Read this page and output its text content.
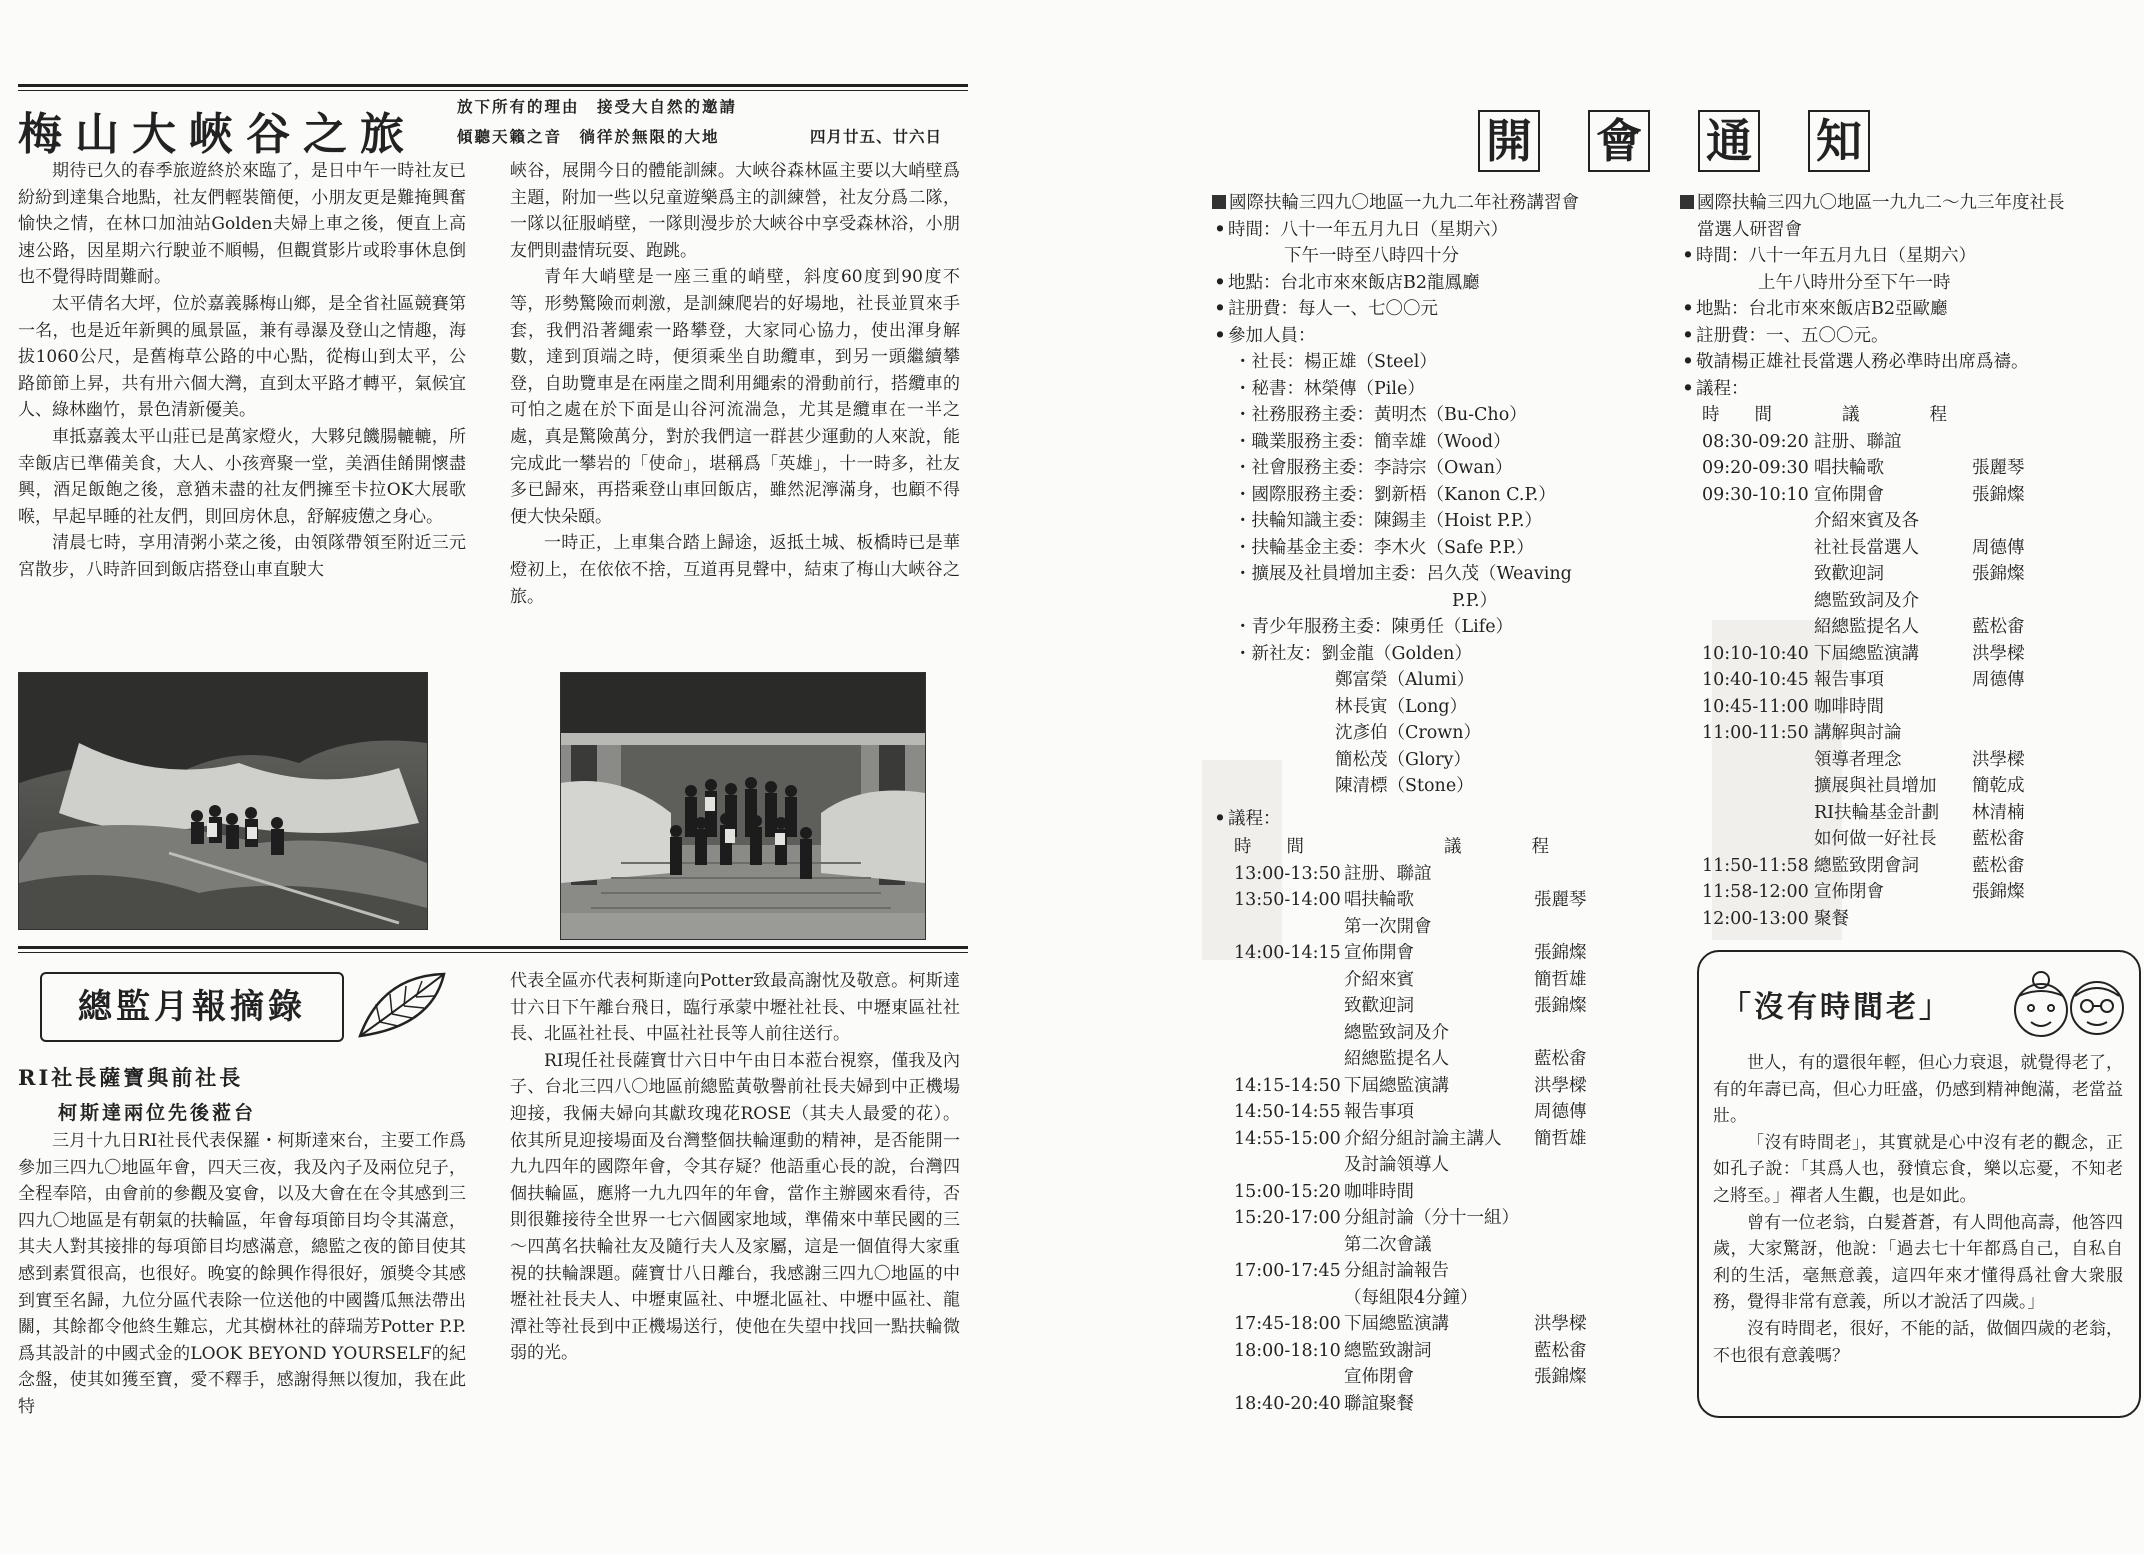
梅山大峽谷之旅
放下所有的理由　接受大自然的邀請
傾聽天籟之音　徜徉於無限的大地	四月廿五、廿六日

期待已久的春季旅遊終於來臨了，是日中午一時社友已紛紛到達集合地點，社友們輕裝簡便，小朋友更是難掩興奮愉快之情，在林口加油站Golden夫婦上車之後，便直上高速公路，因星期六行駛並不順暢，但觀賞影片或聆事休息倒也不覺得時間難耐。

太平倩名大坪，位於嘉義縣梅山鄉，是全省社區競賽第一名，也是近年新興的風景區，兼有尋瀑及登山之情趣，海拔1060公尺，是舊梅草公路的中心點，從梅山到太平，公路節節上昇，共有卅六個大灣，直到太平路才轉平，氣候宜人、綠林幽竹，景色清新優美。

車抵嘉義太平山莊已是萬家燈火，大夥兒饑腸轆轆，所幸飯店已準備美食，大人、小孩齊聚一堂，美酒佳餚開懷盡興，酒足飯飽之後，意猶未盡的社友們擁至卡拉OK大展歌喉，早起早睡的社友們，則回房休息，舒解疲憊之身心。

清晨七時，享用清粥小菜之後，由領隊帶領至附近三元宮散步，八時許回到飯店搭登山車直駛大

峽谷，展開今日的體能訓練。大峽谷森林區主要以大峭壁爲主題，附加一些以兒童遊樂爲主的訓練營，社友分爲二隊，一隊以征服峭壁，一隊則漫步於大峽谷中享受森林浴，小朋友們則盡情玩耍、跑跳。

青年大峭壁是一座三重的峭壁，斜度60度到90度不等，形勢驚險而刺激，是訓練爬岩的好場地，社長並買來手套，我們沿著繩索一路攀登，大家同心協力，使出渾身解數，達到頂端之時，便須乘坐自助纜車，到另一頭繼續攀登，自助覽車是在兩崖之間利用繩索的滑動前行，搭纜車的可怕之處在於下面是山谷河流湍急，尤其是纜車在一半之處，真是驚險萬分，對於我們這一群甚少運動的人來說，能完成此一攀岩的「使命」，堪稱爲「英雄」，十一時多，社友多已歸來，再搭乘登山車回飯店，雖然泥濘滿身，也顧不得便大快朵頤。

一時正，上車集合踏上歸途，返抵土城、板橋時已是華燈初上，在依依不捨，互道再見聲中，結束了梅山大峽谷之旅。

總監月報摘錄
RI社長薩寶與前社長
柯斯達兩位先後蒞台

三月十九日RI社長代表保羅・柯斯達來台，主要工作爲參加三四九〇地區年會，四天三夜，我及內子及兩位兒子，全程奉陪，由會前的參觀及宴會，以及大會在在令其感到三四九〇地區是有朝氣的扶輪區，年會每項節目均令其滿意，其夫人對其接排的每項節目均感滿意，總監之夜的節目使其感到素質很高，也很好。晚宴的餘興作得很好，頒獎令其感到實至名歸，九位分區代表除一位送他的中國醬瓜無法帶出關，其餘都令他終生難忘，尤其樹林社的薛瑞芳Potter P.P.爲其設計的中國式金的LOOK BEYOND YOURSELF的紀念盤，使其如獲至寶，愛不釋手，感謝得無以復加，我在此特

代表全區亦代表柯斯達向Potter致最高謝忱及敬意。柯斯達廿六日下午離台飛日，臨行承蒙中壢社社長、中壢東區社社長、北區社社長、中區社社長等人前往送行。

RI現任社長薩寶廿六日中午由日本蒞台視察，僅我及內子、台北三四八〇地區前總監黃敬譽前社長夫婦到中正機場迎接，我倆夫婦向其獻玫瑰花ROSE（其夫人最愛的花）。依其所見迎接場面及台灣整個扶輪運動的精神，是否能開一九九四年的國際年會，令其存疑？他語重心長的說，台灣四個扶輪區，應將一九九四年的年會，當作主辦國來看待，否則很難接待全世界一七六個國家地域，準備來中華民國的三～四萬名扶輪社友及隨行夫人及家屬，這是一個值得大家重視的扶輪課題。薩寶廿八日離台，我感謝三四九〇地區的中壢社社長夫人、中壢東區社、中壢北區社、中壢中區社、龍潭社等社長到中正機場送行，使他在失望中找回一點扶輪微弱的光。

開 會 通 知
國際扶輪三四九〇地區一九九二年社務講習會
• 時間：八十一年五月九日（星期六）
下午一時至八時四十分
• 地點：台北市來來飯店B2龍鳳廳
• 註册費：每人一、七〇〇元
• 參加人員：
・社長：楊正雄（Steel）
・秘書：林榮傳（Pile）
・社務服務主委：黃明杰（Bu-Cho）
・職業服務主委：簡幸雄（Wood）
・社會服務主委：李詩宗（Owan）
・國際服務主委：劉新梧（Kanon C.P.）
・扶輪知識主委：陳錫圭（Hoist P.P.）
・扶輪基金主委：李木火（Safe P.P.）
・擴展及社員增加主委：呂久茂（Weaving
P.P.）
・青少年服務主委：陳勇任（Life）
・新社友：劉金龍（Golden）
鄭富榮（Alumi）
林長寅（Long）
沈彥伯（Crown）
簡松茂（Glory）
陳清標（Stone）
• 議程：
時　　間	議　　　　程
13:00-13:50 註册、聯誼
13:50-14:00 唱扶輪歌	張麗琴
第一次開會
14:00-14:15 宣佈開會	張錦燦
介紹來賓	簡哲雄
致歡迎詞	張錦燦
總監致詞及介
紹總監提名人	藍松畬
14:15-14:50 下屆總監演講	洪學樑
14:50-14:55 報告事項	周德傳
14:55-15:00 介紹分組討論主講人 簡哲雄
及討論領導人
15:00-15:20 咖啡時間
15:20-17:00 分組討論（分十一組）
第二次會議
17:00-17:45 分組討論報告
（每組限4分鐘）
17:45-18:00 下屆總監演講	洪學樑
18:00-18:10 總監致謝詞	藍松畬
宣佈閉會	張錦燦
18:40-20:40 聯誼聚餐
國際扶輪三四九〇地區一九九二～九三年度社長
當選人研習會
• 時間：八十一年五月九日（星期六）
上午八時卅分至下午一時
• 地點：台北市來來飯店B2亞歐廳
• 註册費：一、五〇〇元。
• 敬請楊正雄社長當選人務必準時出席爲禱。
• 議程：
時　　間	議　　　　程
08:30-09:20 註册、聯誼
09:20-09:30 唱扶輪歌	張麗琴
09:30-10:10 宣佈開會	張錦燦
介紹來賓及各
社社長當選人	周德傳
致歡迎詞	張錦燦
總監致詞及介
紹總監提名人	藍松畬
10:10-10:40 下屆總監演講	洪學樑
10:40-10:45 報告事項	周德傳
10:45-11:00 咖啡時間
11:00-11:50 講解與討論
領導者理念	洪學樑
擴展與社員增加 簡乾成
RI扶輪基金計劃 林清楠
如何做一好社長 藍松畬
11:50-11:58 總監致閉會詞	藍松畬
11:58-12:00 宣佈閉會	張錦燦
12:00-13:00 聚餐
「沒有時間老」

世人，有的還很年輕，但心力衰退，就覺得老了，有的年壽已高，但心力旺盛，仍感到精神飽滿，老當益壯。

「沒有時間老」，其實就是心中沒有老的觀念，正如孔子說：「其爲人也，發憤忘食，樂以忘憂，不知老之將至。」禪者人生觀，也是如此。

曾有一位老翁，白髮蒼蒼，有人問他高壽，他答四歲，大家驚訝，他說：「過去七十年都爲自己，自私自利的生活，毫無意義，這四年來才懂得爲社會大衆服務，覺得非常有意義，所以才說活了四歲。」

沒有時間老，很好，不能的話，做個四歲的老翁，不也很有意義嗎？
